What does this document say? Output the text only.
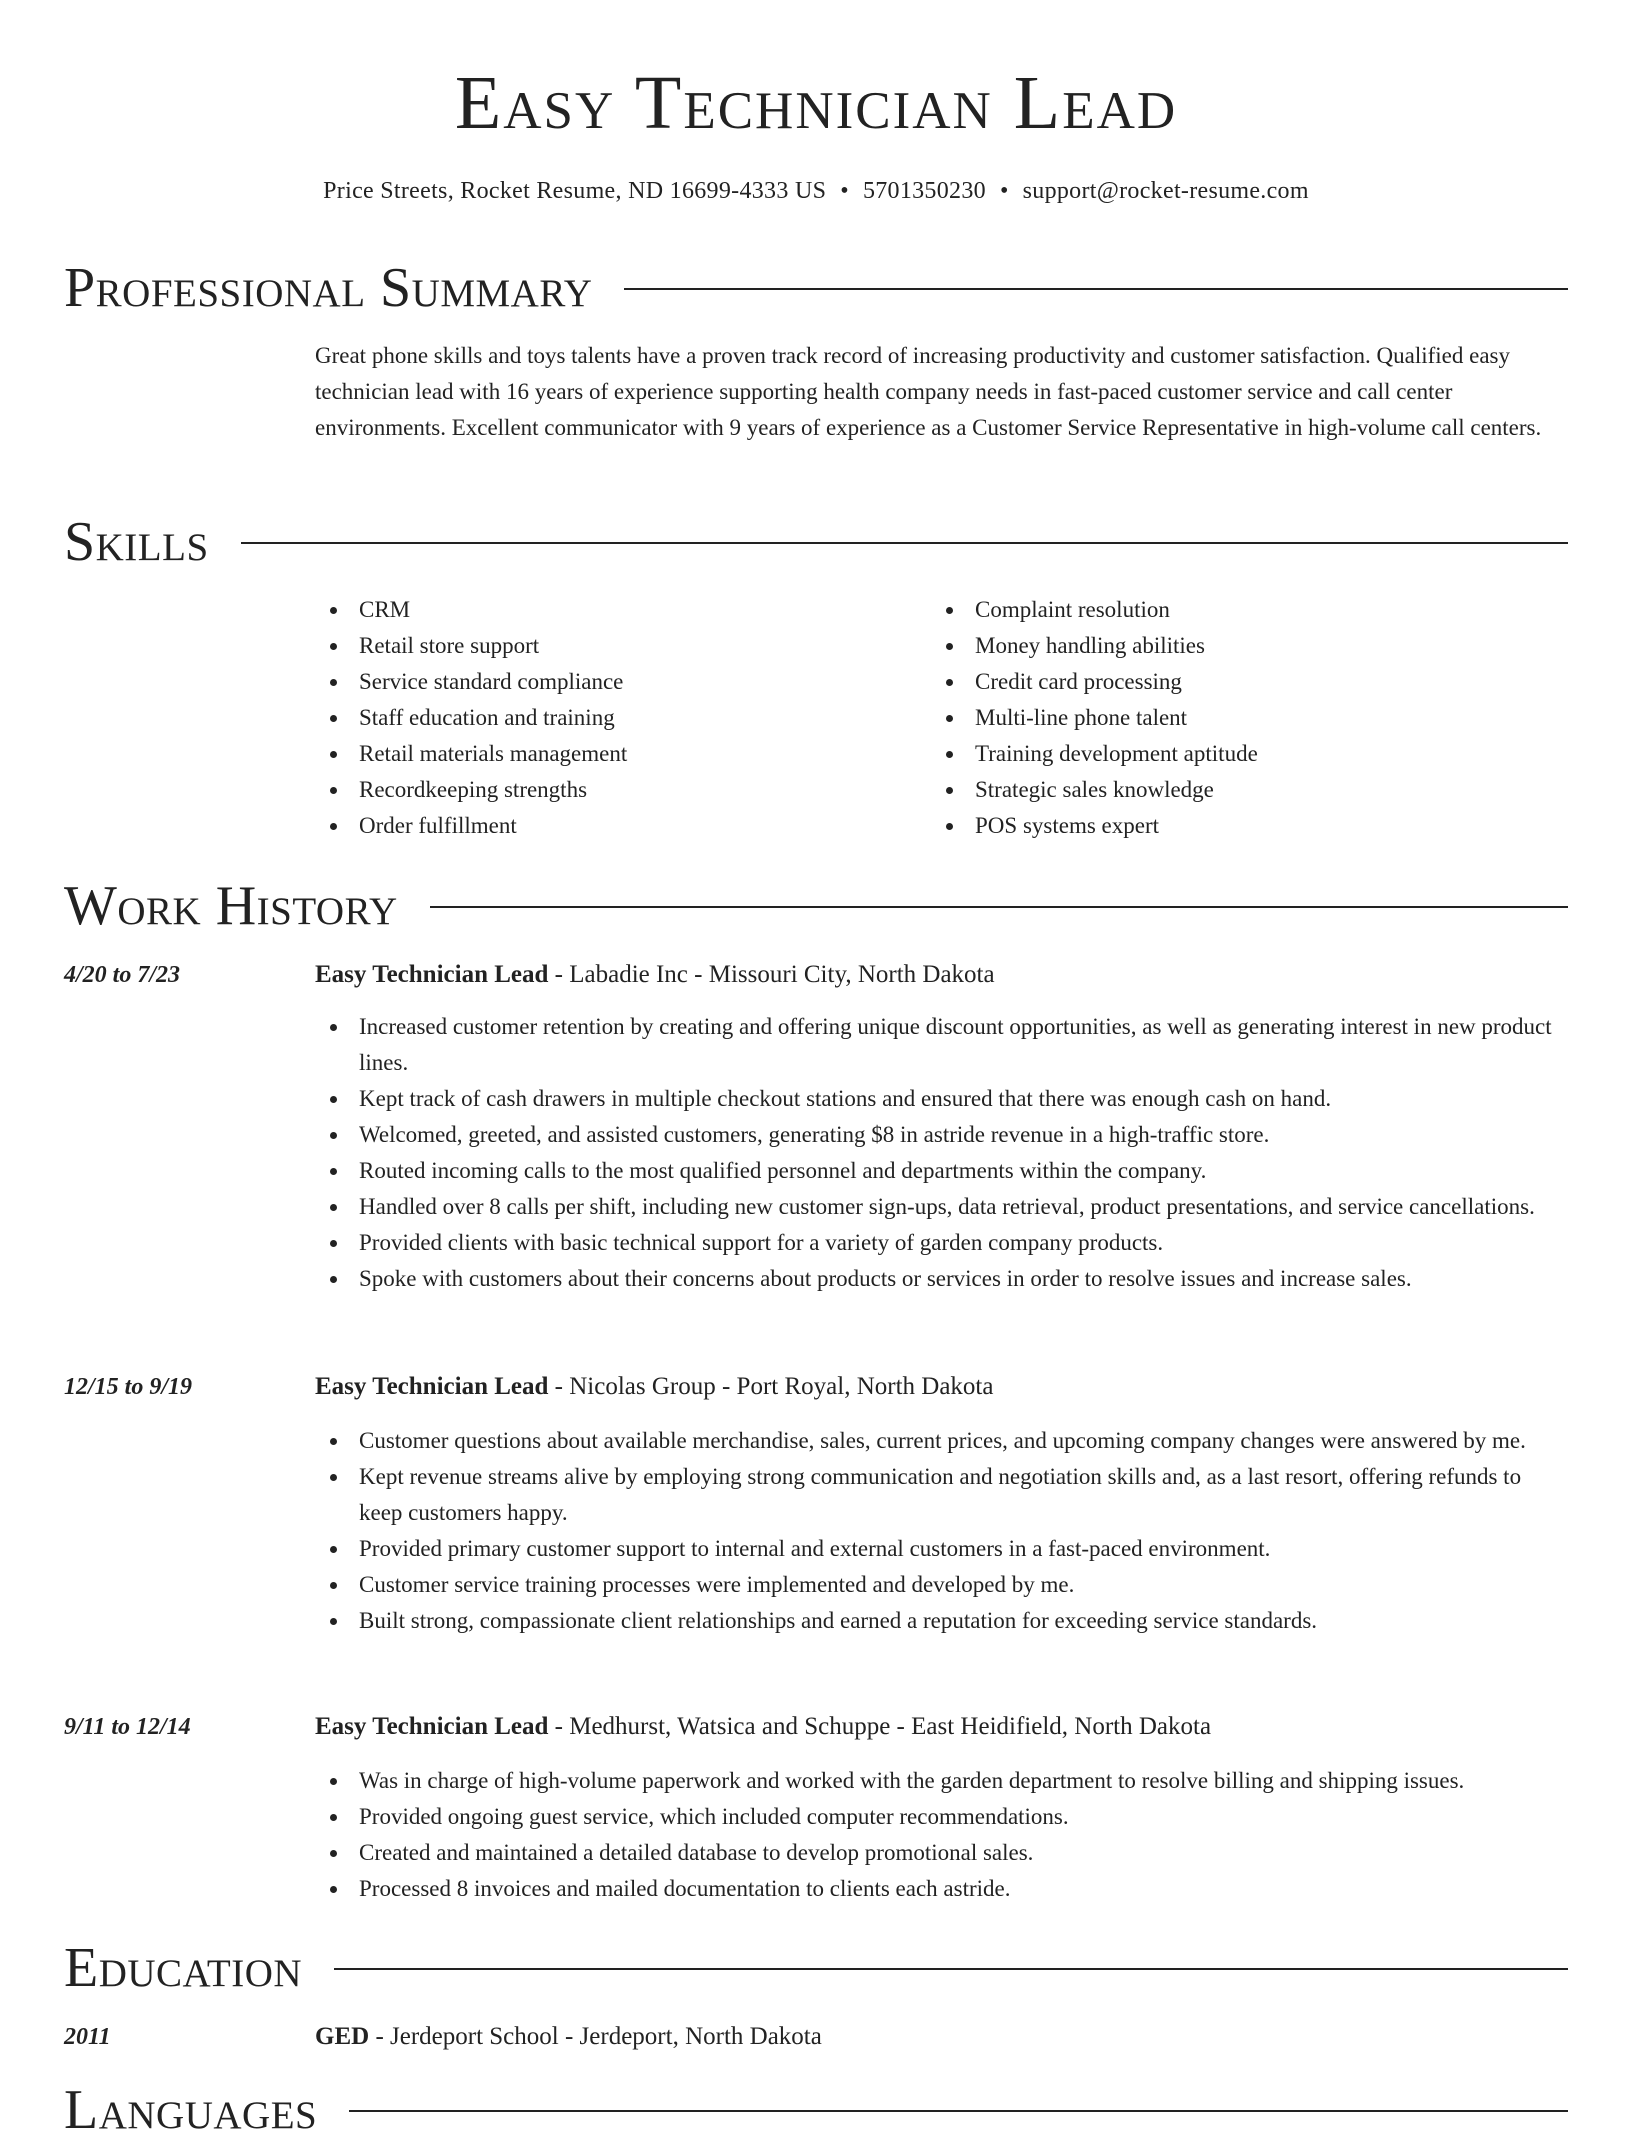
Easy Technician Lead
Price Streets, Rocket Resume, ND 16699-4333 US • 5701350230 • support@rocket-resume.com
Professional Summary
Great phone skills and toys talents have a proven track record of increasing productivity and customer satisfaction. Qualified easy technician lead with 16 years of experience supporting health company needs in fast-paced customer service and call center environments. Excellent communicator with 9 years of experience as a Customer Service Representative in high-volume call centers.
Skills
CRM
Retail store support
Service standard compliance
Staff education and training
Retail materials management
Recordkeeping strengths
Order fulfillment
Complaint resolution
Money handling abilities
Credit card processing
Multi-line phone talent
Training development aptitude
Strategic sales knowledge
POS systems expert
Work History
4/20 to 7/23	Easy Technician Lead - Labadie Inc - Missouri City, North Dakota
Increased customer retention by creating and offering unique discount opportunities, as well as generating interest in new product lines.
Kept track of cash drawers in multiple checkout stations and ensured that there was enough cash on hand.
Welcomed, greeted, and assisted customers, generating $8 in astride revenue in a high-traffic store.
Routed incoming calls to the most qualified personnel and departments within the company.
Handled over 8 calls per shift, including new customer sign-ups, data retrieval, product presentations, and service cancellations.
Provided clients with basic technical support for a variety of garden company products.
Spoke with customers about their concerns about products or services in order to resolve issues and increase sales.
12/15 to 9/19	Easy Technician Lead - Nicolas Group - Port Royal, North Dakota
Customer questions about available merchandise, sales, current prices, and upcoming company changes were answered by me.
Kept revenue streams alive by employing strong communication and negotiation skills and, as a last resort, offering refunds to keep customers happy.
Provided primary customer support to internal and external customers in a fast-paced environment.
Customer service training processes were implemented and developed by me.
Built strong, compassionate client relationships and earned a reputation for exceeding service standards.
9/11 to 12/14	Easy Technician Lead - Medhurst, Watsica and Schuppe - East Heidifield, North Dakota
Was in charge of high-volume paperwork and worked with the garden department to resolve billing and shipping issues.
Provided ongoing guest service, which included computer recommendations.
Created and maintained a detailed database to develop promotional sales.
Processed 8 invoices and mailed documentation to clients each astride.
Education
2011	GED - Jerdeport School - Jerdeport, North Dakota
Languages
